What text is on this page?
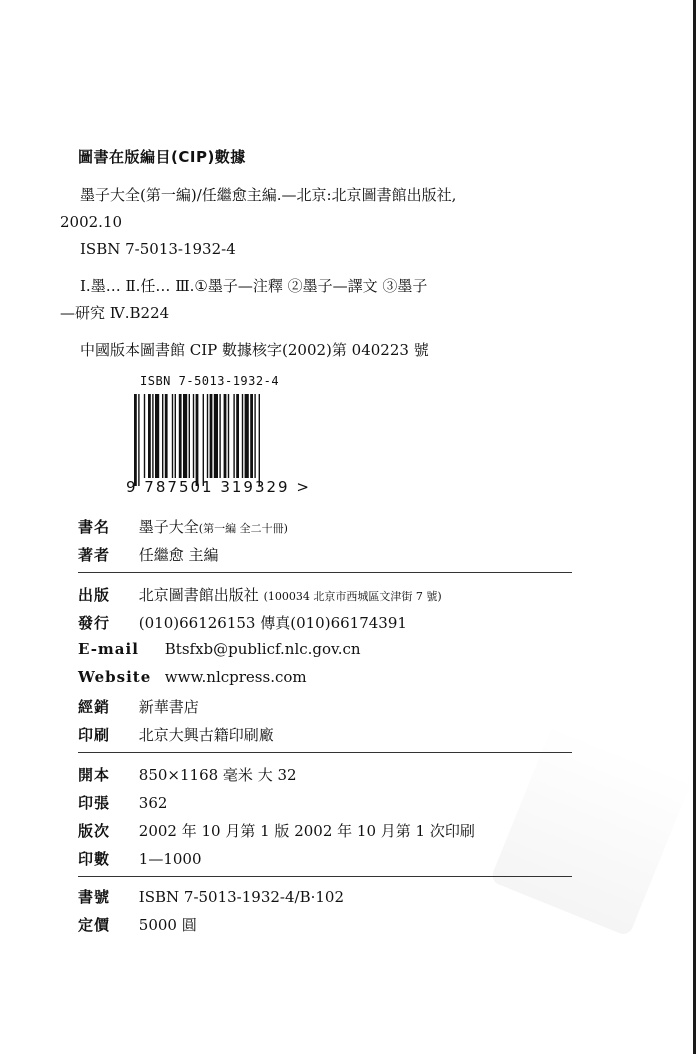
圖書在版編目(CIP)數據
墨子大全(第一編)/任繼愈主編.—北京:北京圖書館出版社,
2002.10
ISBN 7-5013-1932-4
Ⅰ.墨… Ⅱ.任… Ⅲ.①墨子—注釋 ②墨子—譯文 ③墨子
—研究 Ⅳ.B224
中國版本圖書館 CIP 數據核字(2002)第 040223 號
ISBN 7-5013-1932-4
9 787501 319329 >
書名 墨子大全(第一編 全二十冊)
著者 任繼愈 主編
出版 北京圖書館出版社 (100034 北京市西城區文津街 7 號)
發行 (010)66126153 傳真(010)66174391
E-mail Btsfxb@publicf.nlc.gov.cn
Website www.nlcpress.com
經銷 新華書店
印刷 北京大興古籍印刷廠
開本 850×1168 毫米 大 32
印張 362
版次 2002 年 10 月第 1 版 2002 年 10 月第 1 次印刷
印數 1—1000
書號 ISBN 7-5013-1932-4/B·102
定價 5000 圓
